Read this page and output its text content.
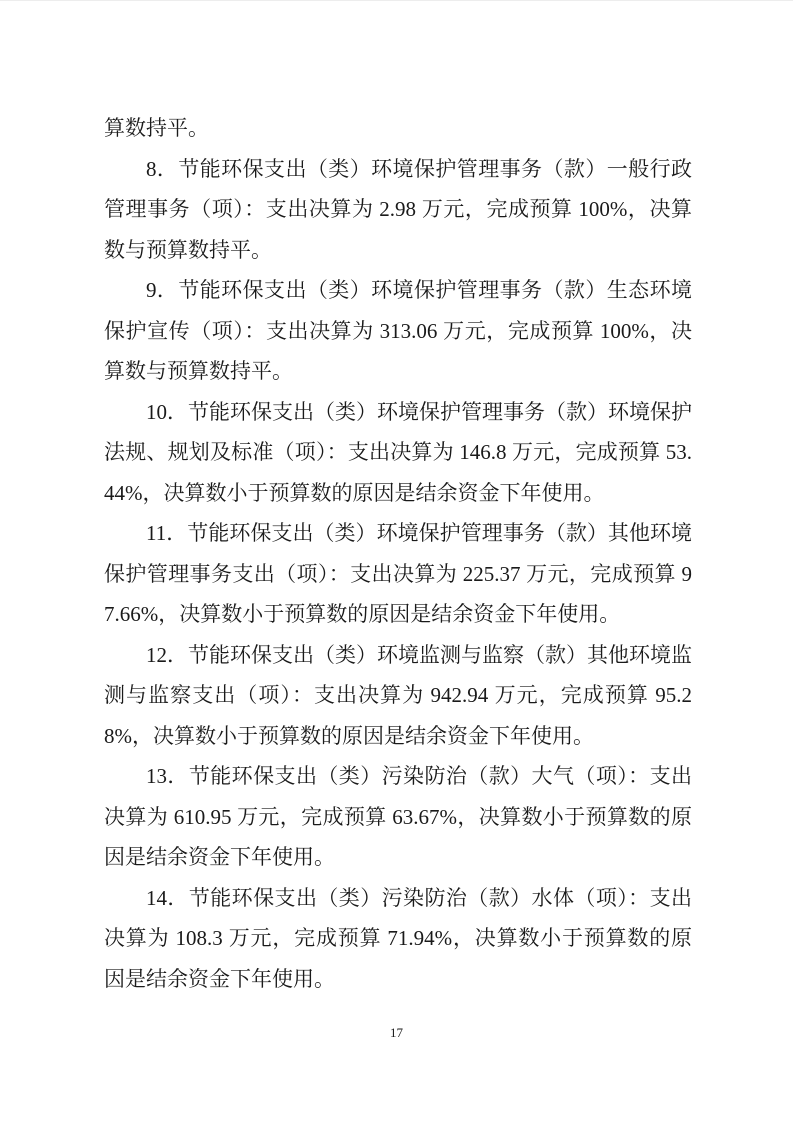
算数持平。

8．节能环保支出（类）环境保护管理事务（款）一般行政管理事务（项）：支出决算为 2.98 万元，完成预算 100%，决算数与预算数持平。

9．节能环保支出（类）环境保护管理事务（款）生态环境保护宣传（项）：支出决算为 313.06 万元，完成预算 100%，决算数与预算数持平。

10．节能环保支出（类）环境保护管理事务（款）环境保护法规、规划及标准（项）：支出决算为 146.8 万元，完成预算 53.44%，决算数小于预算数的原因是结余资金下年使用。

11．节能环保支出（类）环境保护管理事务（款）其他环境保护管理事务支出（项）：支出决算为 225.37 万元，完成预算 97.66%，决算数小于预算数的原因是结余资金下年使用。

12．节能环保支出（类）环境监测与监察（款）其他环境监测与监察支出（项）：支出决算为 942.94 万元，完成预算 95.28%，决算数小于预算数的原因是结余资金下年使用。

13．节能环保支出（类）污染防治（款）大气（项）：支出决算为 610.95 万元，完成预算 63.67%，决算数小于预算数的原因是结余资金下年使用。

14．节能环保支出（类）污染防治（款）水体（项）：支出决算为 108.3 万元，完成预算 71.94%，决算数小于预算数的原因是结余资金下年使用。

17
